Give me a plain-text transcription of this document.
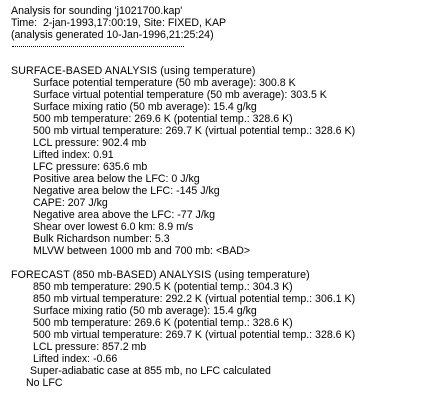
Analysis for sounding 'j1021700.kap'
Time:  2-jan-1993,17:00:19, Site: FIXED, KAP
(analysis generated 10-Jan-1996,21:25:24)
SURFACE-BASED ANALYSIS (using temperature)
Surface potential temperature (50 mb average): 300.8 K
Surface virtual potential temperature (50 mb average): 303.5 K
Surface mixing ratio (50 mb average): 15.4 g/kg
500 mb temperature: 269.6 K (potential temp.: 328.6 K)
500 mb virtual temperature: 269.7 K (virtual potential temp.: 328.6 K)
LCL pressure: 902.4 mb
Lifted index: 0.91
LFC pressure: 635.6 mb
Positive area below the LFC: 0 J/kg
Negative area below the LFC: -145 J/kg
CAPE: 207 J/kg
Negative area above the LFC: -77 J/kg
Shear over lowest 6.0 km: 8.9 m/s
Bulk Richardson number: 5.3
MLVW between 1000 mb and 700 mb: <BAD>
FORECAST (850 mb-BASED) ANALYSIS (using temperature)
850 mb temperature: 290.5 K (potential temp.: 304.3 K)
850 mb virtual temperature: 292.2 K (virtual potential temp.: 306.1 K)
Surface mixing ratio (50 mb average): 15.4 g/kg
500 mb temperature: 269.6 K (potential temp.: 328.6 K)
500 mb virtual temperature: 269.7 K (virtual potential temp.: 328.6 K)
LCL pressure: 857.2 mb
Lifted index: -0.66
Super-adiabatic case at 855 mb, no LFC calculated
No LFC
